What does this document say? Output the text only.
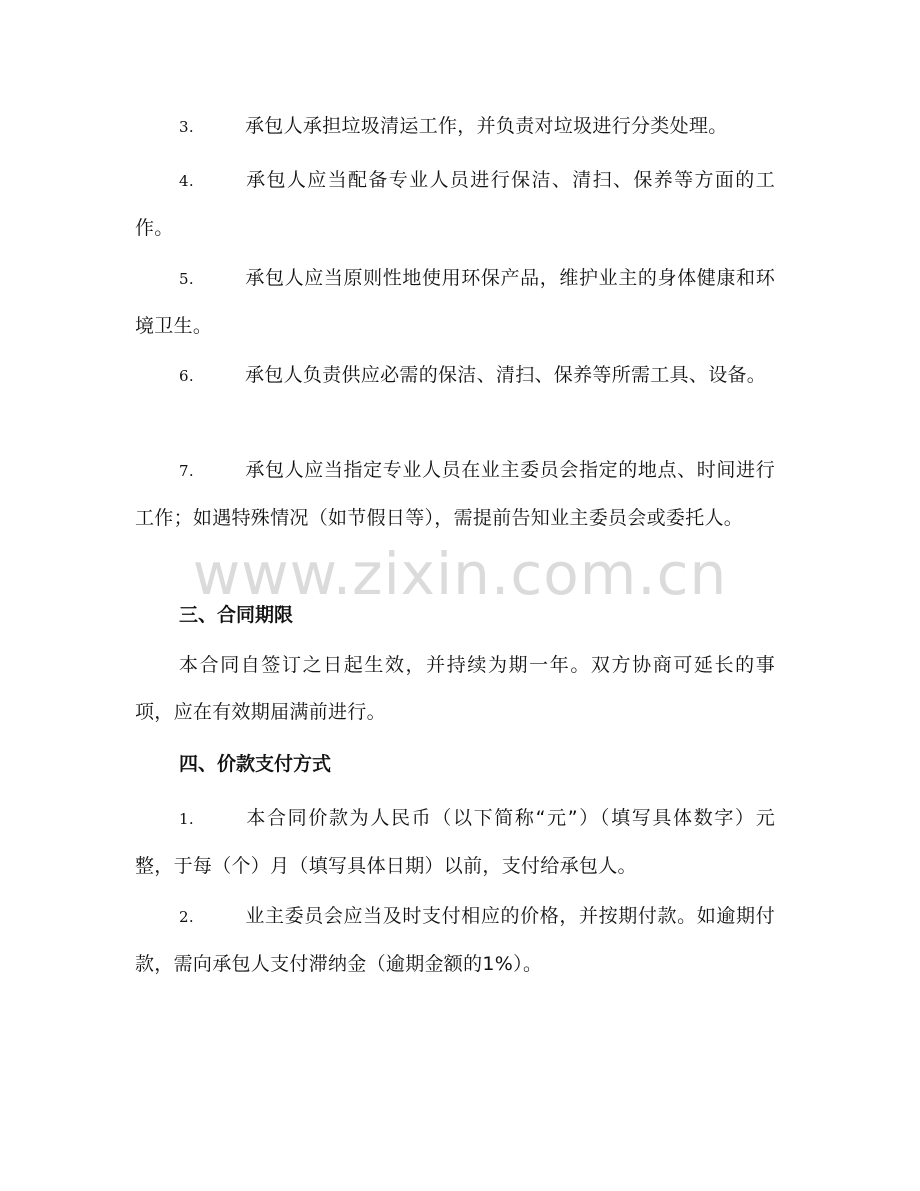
3.	承包人承担垃圾清运工作，并负责对垃圾进行分类处理。
4.	承包人应当配备专业人员进行保洁、清扫、保养等方面的工作。
5.	承包人应当原则性地使用环保产品，维护业主的身体健康和环境卫生。
6.	承包人负责供应必需的保洁、清扫、保养等所需工具、设备。
7.	承包人应当指定专业人员在业主委员会指定的地点、时间进行工作；如遇特殊情况（如节假日等），需提前告知业主委员会或委托人。
三、合同期限
本合同自签订之日起生效，并持续为期一年。双方协商可延长的事项，应在有效期届满前进行。
四、价款支付方式
1.	本合同价款为人民币（以下简称“元”）（填写具体数字）元整，于每（个）月（填写具体日期）以前，支付给承包人。
2.	业主委员会应当及时支付相应的价格，并按期付款。如逾期付款，需向承包人支付滞纳金（逾期金额的1%）。
www.zixin.com.cn
